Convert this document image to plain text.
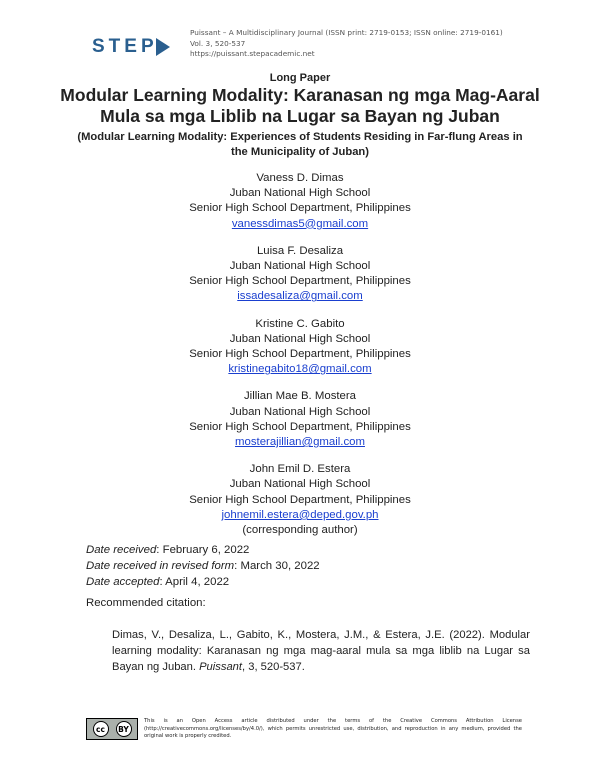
STEP
Puissant – A Multidisciplinary Journal (ISSN print: 2719-0153; ISSN online: 2719-0161)
Vol. 3, 520-537
https://puissant.stepacademic.net
Long Paper
Modular Learning Modality: Karanasan ng mga Mag-Aaral Mula sa mga Liblib na Lugar sa Bayan ng Juban
(Modular Learning Modality: Experiences of Students Residing in Far-flung Areas in the Municipality of Juban)
Vaness D. Dimas
Juban National High School
Senior High School Department, Philippines
vanessdimas5@gmail.com
Luisa F. Desaliza
Juban National High School
Senior High School Department, Philippines
issadesaliza@gmail.com
Kristine C. Gabito
Juban National High School
Senior High School Department, Philippines
kristinegabito18@gmail.com
Jillian Mae B. Mostera
Juban National High School
Senior High School Department, Philippines
mosterajillian@gmail.com
John Emil D. Estera
Juban National High School
Senior High School Department, Philippines
johnemil.estera@deped.gov.ph
(corresponding author)
Date received: February 6, 2022
Date received in revised form: March 30, 2022
Date accepted: April 4, 2022
Recommended citation:
Dimas, V., Desaliza, L., Gabito, K., Mostera, J.M., & Estera, J.E. (2022). Modular learning modality: Karanasan ng mga mag-aaral mula sa mga liblib na Lugar sa Bayan ng Juban. Puissant, 3, 520-537.
cc	BY
This is an Open Access article distributed under the terms of the Creative Commons Attribution License (http://creativecommons.org/licenses/by/4.0/), which permits unrestricted use, distribution, and reproduction in any medium, provided the original work is properly credited.
